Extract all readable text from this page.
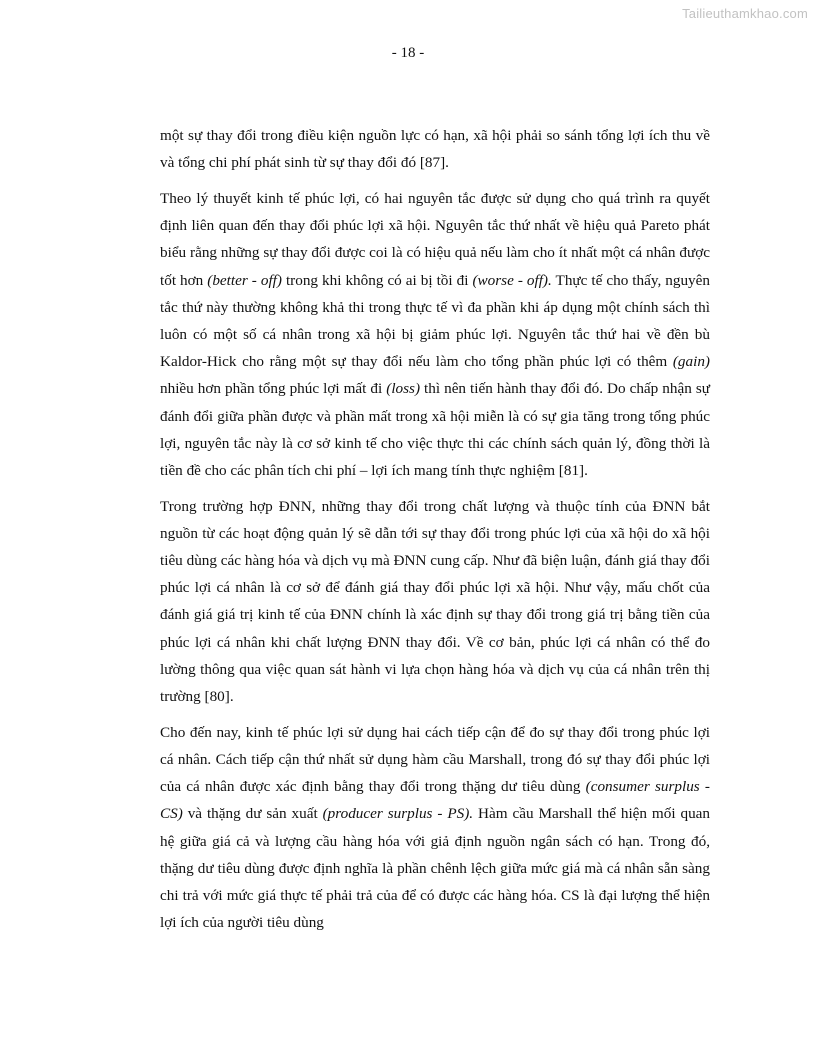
Tailieuthamkhao.com
- 18 -

một sự thay đổi trong điều kiện nguồn lực có hạn, xã hội phải so sánh tổng lợi ích thu về và tổng chi phí phát sinh từ sự thay đổi đó [87].

Theo lý thuyết kinh tế phúc lợi, có hai nguyên tắc được sử dụng cho quá trình ra quyết định liên quan đến thay đổi phúc lợi xã hội. Nguyên tắc thứ nhất về hiệu quả Pareto phát biểu rằng những sự thay đổi được coi là có hiệu quả nếu làm cho ít nhất một cá nhân được tốt hơn (better - off) trong khi không có ai bị tồi đi (worse - off). Thực tế cho thấy, nguyên tắc thứ này thường không khả thi trong thực tế vì đa phần khi áp dụng một chính sách thì luôn có một số cá nhân trong xã hội bị giảm phúc lợi. Nguyên tắc thứ hai về đền bù Kaldor-Hick cho rằng một sự thay đổi nếu làm cho tổng phần phúc lợi có thêm (gain) nhiều hơn phần tổng phúc lợi mất đi (loss) thì nên tiến hành thay đổi đó. Do chấp nhận sự đánh đổi giữa phần được và phần mất trong xã hội miễn là có sự gia tăng trong tổng phúc lợi, nguyên tắc này là cơ sở kinh tế cho việc thực thi các chính sách quản lý, đồng thời là tiền đề cho các phân tích chi phí – lợi ích mang tính thực nghiệm [81].

Trong trường hợp ĐNN, những thay đổi trong chất lượng và thuộc tính của ĐNN bắt nguồn từ các hoạt động quản lý sẽ dẫn tới sự thay đổi trong phúc lợi của xã hội do xã hội tiêu dùng các hàng hóa và dịch vụ mà ĐNN cung cấp. Như đã biện luận, đánh giá thay đổi phúc lợi cá nhân là cơ sở để đánh giá thay đổi phúc lợi xã hội. Như vậy, mấu chốt của đánh giá giá trị kinh tế của ĐNN chính là xác định sự thay đổi trong giá trị bằng tiền của phúc lợi cá nhân khi chất lượng ĐNN thay đổi. Về cơ bản, phúc lợi cá nhân có thể đo lường thông qua việc quan sát hành vi lựa chọn hàng hóa và dịch vụ của cá nhân trên thị trường [80].

Cho đến nay, kinh tế phúc lợi sử dụng hai cách tiếp cận để đo sự thay đổi trong phúc lợi cá nhân. Cách tiếp cận thứ nhất sử dụng hàm cầu Marshall, trong đó sự thay đổi phúc lợi của cá nhân được xác định bằng thay đổi trong thặng dư tiêu dùng (consumer surplus - CS) và thặng dư sản xuất (producer surplus - PS). Hàm cầu Marshall thể hiện mối quan hệ giữa giá cả và lượng cầu hàng hóa với giả định nguồn ngân sách có hạn. Trong đó, thặng dư tiêu dùng được định nghĩa là phần chênh lệch giữa mức giá mà cá nhân sẵn sàng chi trả với mức giá thực tế phải trả của để có được các hàng hóa. CS là đại lượng thể hiện lợi ích của người tiêu dùng
